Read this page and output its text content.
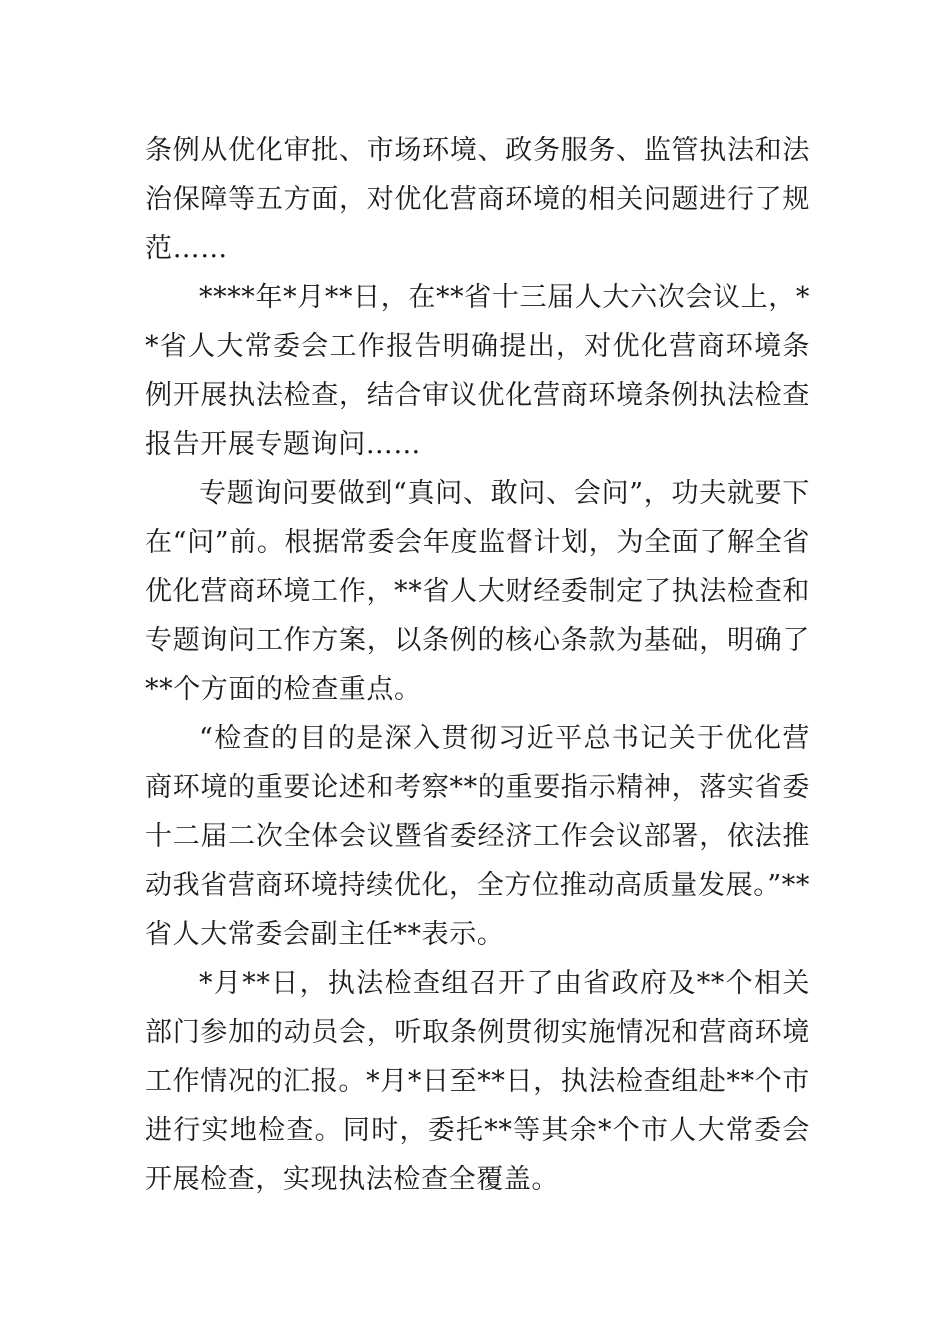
条例从优化审批、市场环境、政务服务、监管执法和法治保障等五方面，对优化营商环境的相关问题进行了规范……

****年*月**日，在**省十三届人大六次会议上，**省人大常委会工作报告明确提出，对优化营商环境条例开展执法检查，结合审议优化营商环境条例执法检查报告开展专题询问……

专题询问要做到“真问、敢问、会问”，功夫就要下在“问”前。根据常委会年度监督计划，为全面了解全省优化营商环境工作，**省人大财经委制定了执法检查和专题询问工作方案，以条例的核心条款为基础，明确了**个方面的检查重点。

“检查的目的是深入贯彻习近平总书记关于优化营商环境的重要论述和考察**的重要指示精神，落实省委十二届二次全体会议暨省委经济工作会议部署，依法推动我省营商环境持续优化，全方位推动高质量发展。”**省人大常委会副主任**表示。

*月**日，执法检查组召开了由省政府及**个相关部门参加的动员会，听取条例贯彻实施情况和营商环境工作情况的汇报。*月*日至**日，执法检查组赴**个市进行实地检查。同时，委托**等其余*个市人大常委会开展检查，实现执法检查全覆盖。
